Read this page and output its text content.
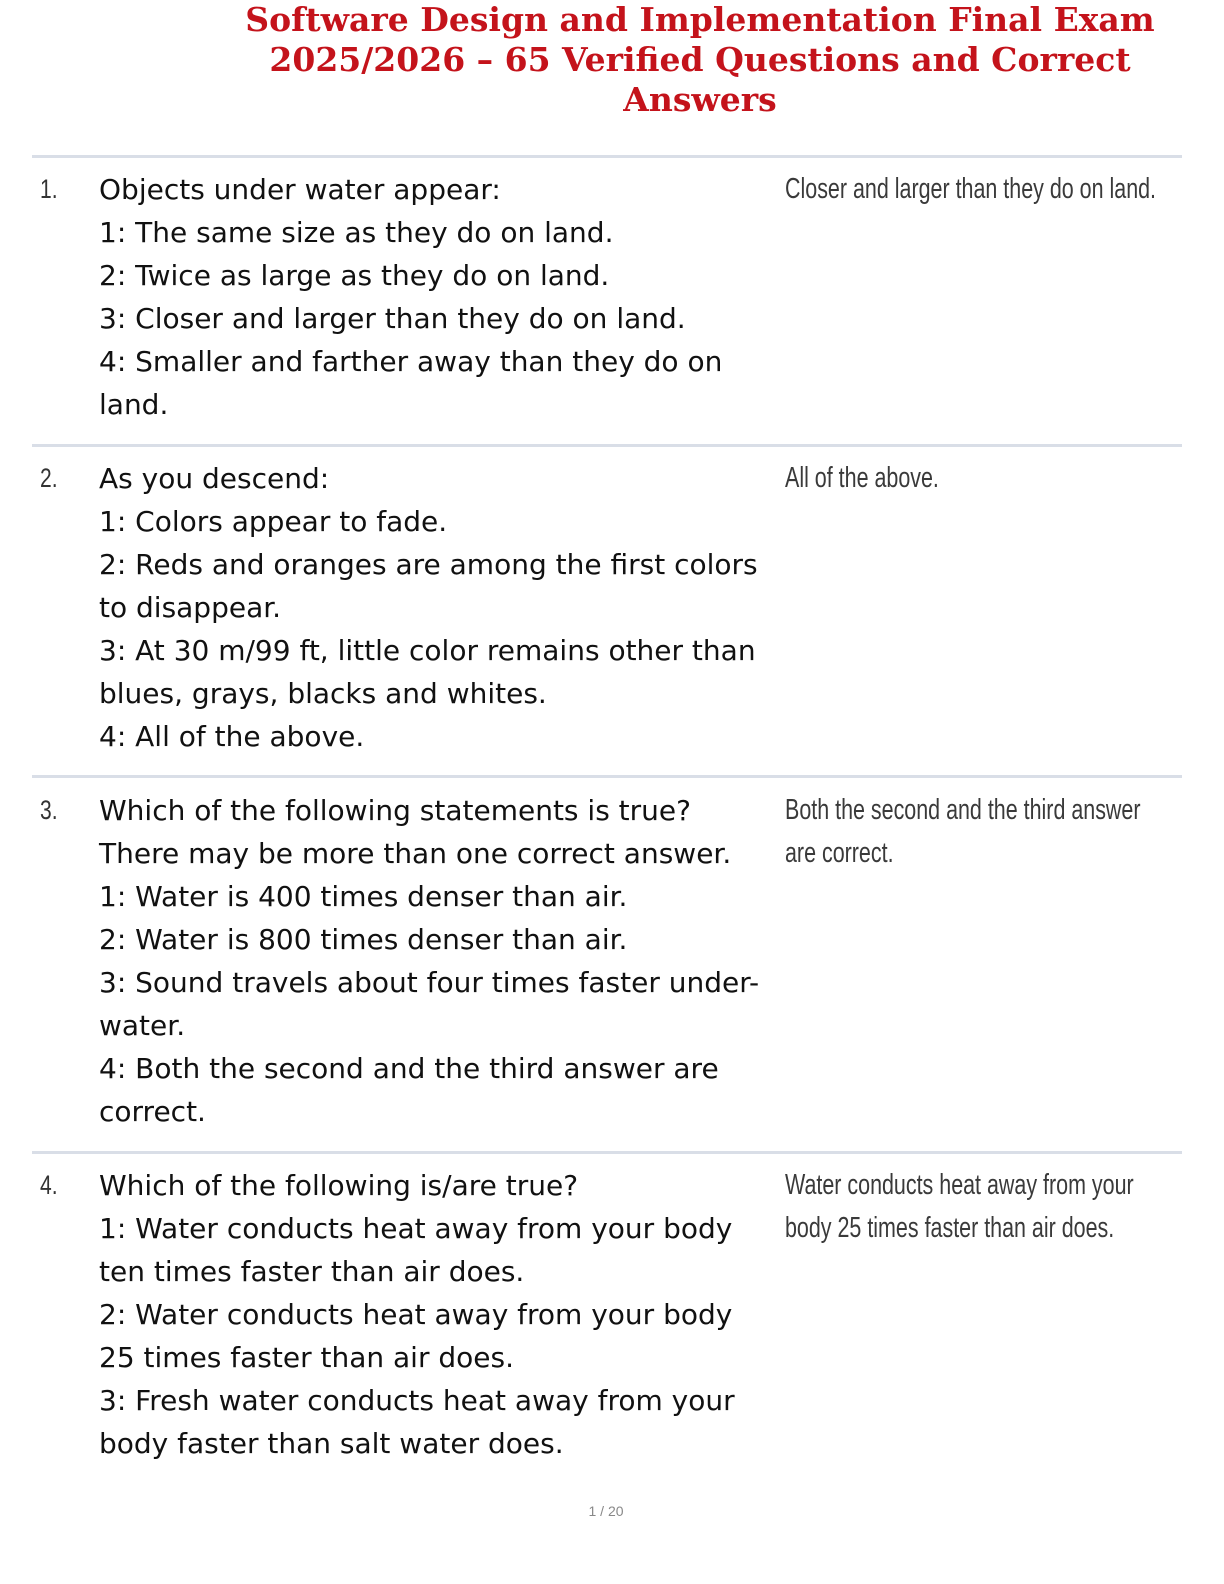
Software Design and Implementation Final Exam
2025/2026 – 65 Verified Questions and Correct
Answers
1. Objects under water appear:
1: The same size as they do on land.
2: Twice as large as they do on land.
3: Closer and larger than they do on land.
4: Smaller and farther away than they do on
land.
Closer and larger than they do on land.
2. As you descend:
1: Colors appear to fade.
2: Reds and oranges are among the first colors
to disappear.
3: At 30 m/99 ft, little color remains other than
blues, grays, blacks and whites.
4: All of the above.
All of the above.
3. Which of the following statements is true?
There may be more than one correct answer.
1: Water is 400 times denser than air.
2: Water is 800 times denser than air.
3: Sound travels about four times faster under-
water.
4: Both the second and the third answer are
correct.
Both the second and the third answer
are correct.
4. Which of the following is/are true?
1: Water conducts heat away from your body
ten times faster than air does.
2: Water conducts heat away from your body
25 times faster than air does.
3: Fresh water conducts heat away from your
body faster than salt water does.
Water conducts heat away from your
body 25 times faster than air does.
1 / 20
